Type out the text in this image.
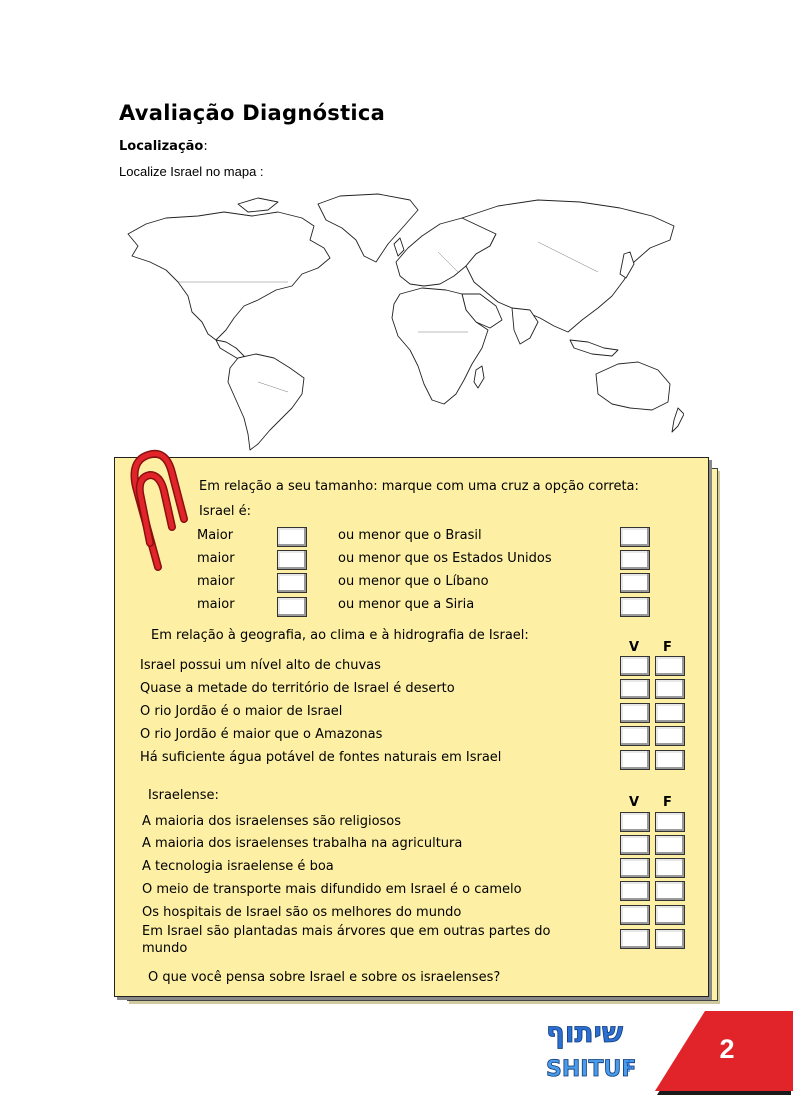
Avaliação Diagnóstica
Localização:
Localize Israel no mapa :
Em relação a seu tamanho: marque com uma cruz a opção correta:
Israel é:
Maior	ou menor que o Brasil
maior	ou menor que os Estados Unidos
maior	ou menor que o Líbano
maior	ou menor que a Siria
Em relação à geografia, ao clima e à hidrografia de Israel:
V F
Israel possui um nível alto de chuvas
Quase a metade do território de Israel é deserto
O rio Jordão é o maior de Israel
O rio Jordão é maior que o Amazonas
Há suficiente água potável de fontes naturais em Israel
Israelense:	V F
A maioria dos israelenses são religiosos
A maioria dos israelenses trabalha na agricultura
A tecnologia israelense é boa
O meio de transporte mais difundido em Israel é o camelo
Os hospitais de Israel são os melhores do mundo
Em Israel são plantadas mais árvores que em outras partes do
mundo
O que você pensa sobre Israel e sobre os israelenses?
שיתוף
SHITUF
2
